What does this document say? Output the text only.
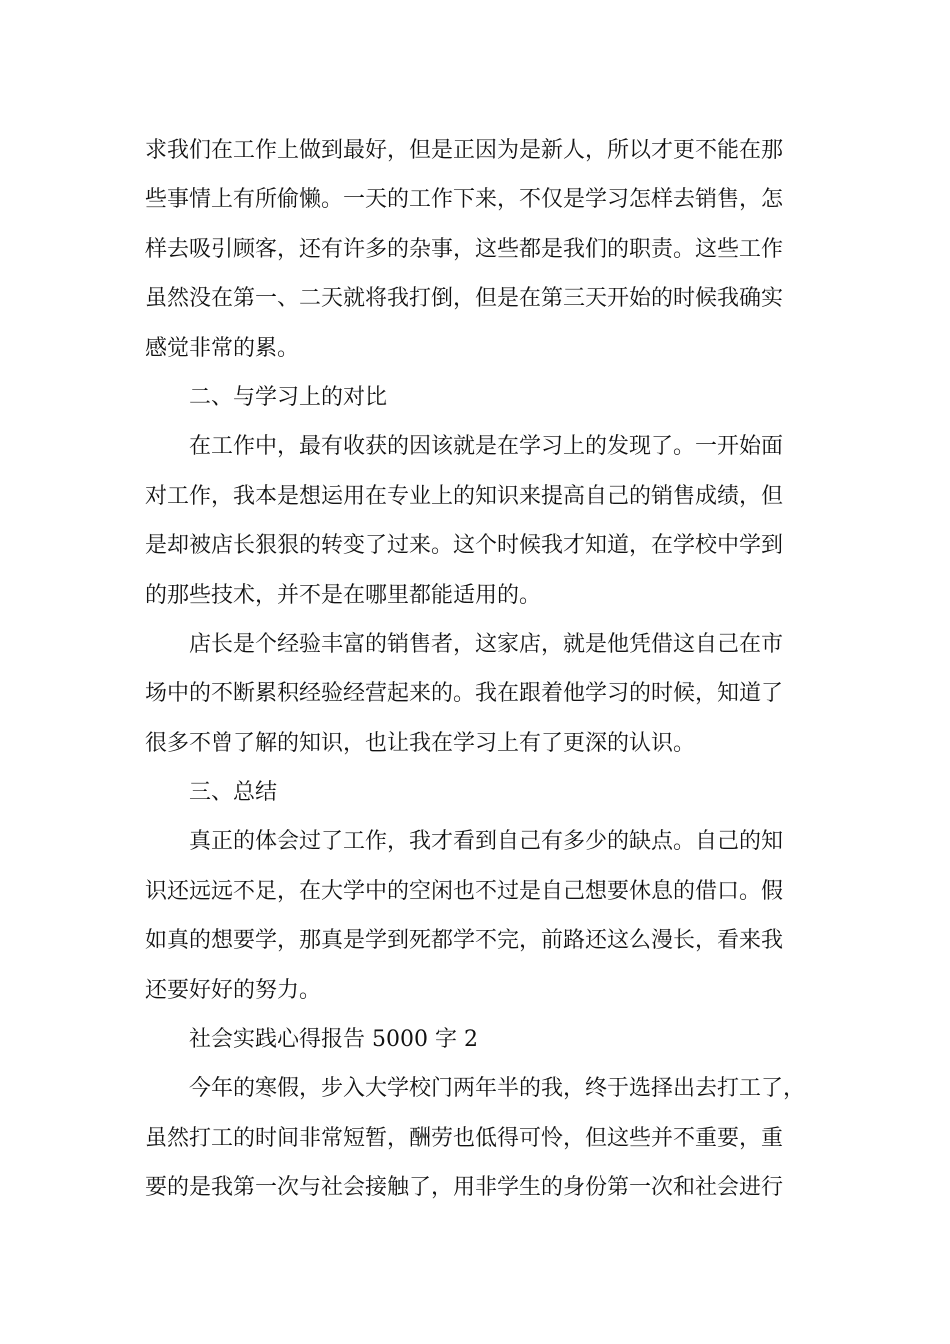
求我们在工作上做到最好，但是正因为是新人，所以才更不能在那
些事情上有所偷懒。一天的工作下来，不仅是学习怎样去销售，怎
样去吸引顾客，还有许多的杂事，这些都是我们的职责。这些工作
虽然没在第一、二天就将我打倒，但是在第三天开始的时候我确实
感觉非常的累。
二、与学习上的对比
在工作中，最有收获的因该就是在学习上的发现了。一开始面
对工作，我本是想运用在专业上的知识来提高自己的销售成绩，但
是却被店长狠狠的转变了过来。这个时候我才知道，在学校中学到
的那些技术，并不是在哪里都能适用的。
店长是个经验丰富的销售者，这家店，就是他凭借这自己在市
场中的不断累积经验经营起来的。我在跟着他学习的时候，知道了
很多不曾了解的知识，也让我在学习上有了更深的认识。
三、总结
真正的体会过了工作，我才看到自己有多少的缺点。自己的知
识还远远不足，在大学中的空闲也不过是自己想要休息的借口。假
如真的想要学，那真是学到死都学不完，前路还这么漫长，看来我
还要好好的努力。
社会实践心得报告 5000 字 2
今年的寒假，步入大学校门两年半的我，终于选择出去打工了，
虽然打工的时间非常短暂，酬劳也低得可怜，但这些并不重要，重
要的是我第一次与社会接触了，用非学生的身份第一次和社会进行
